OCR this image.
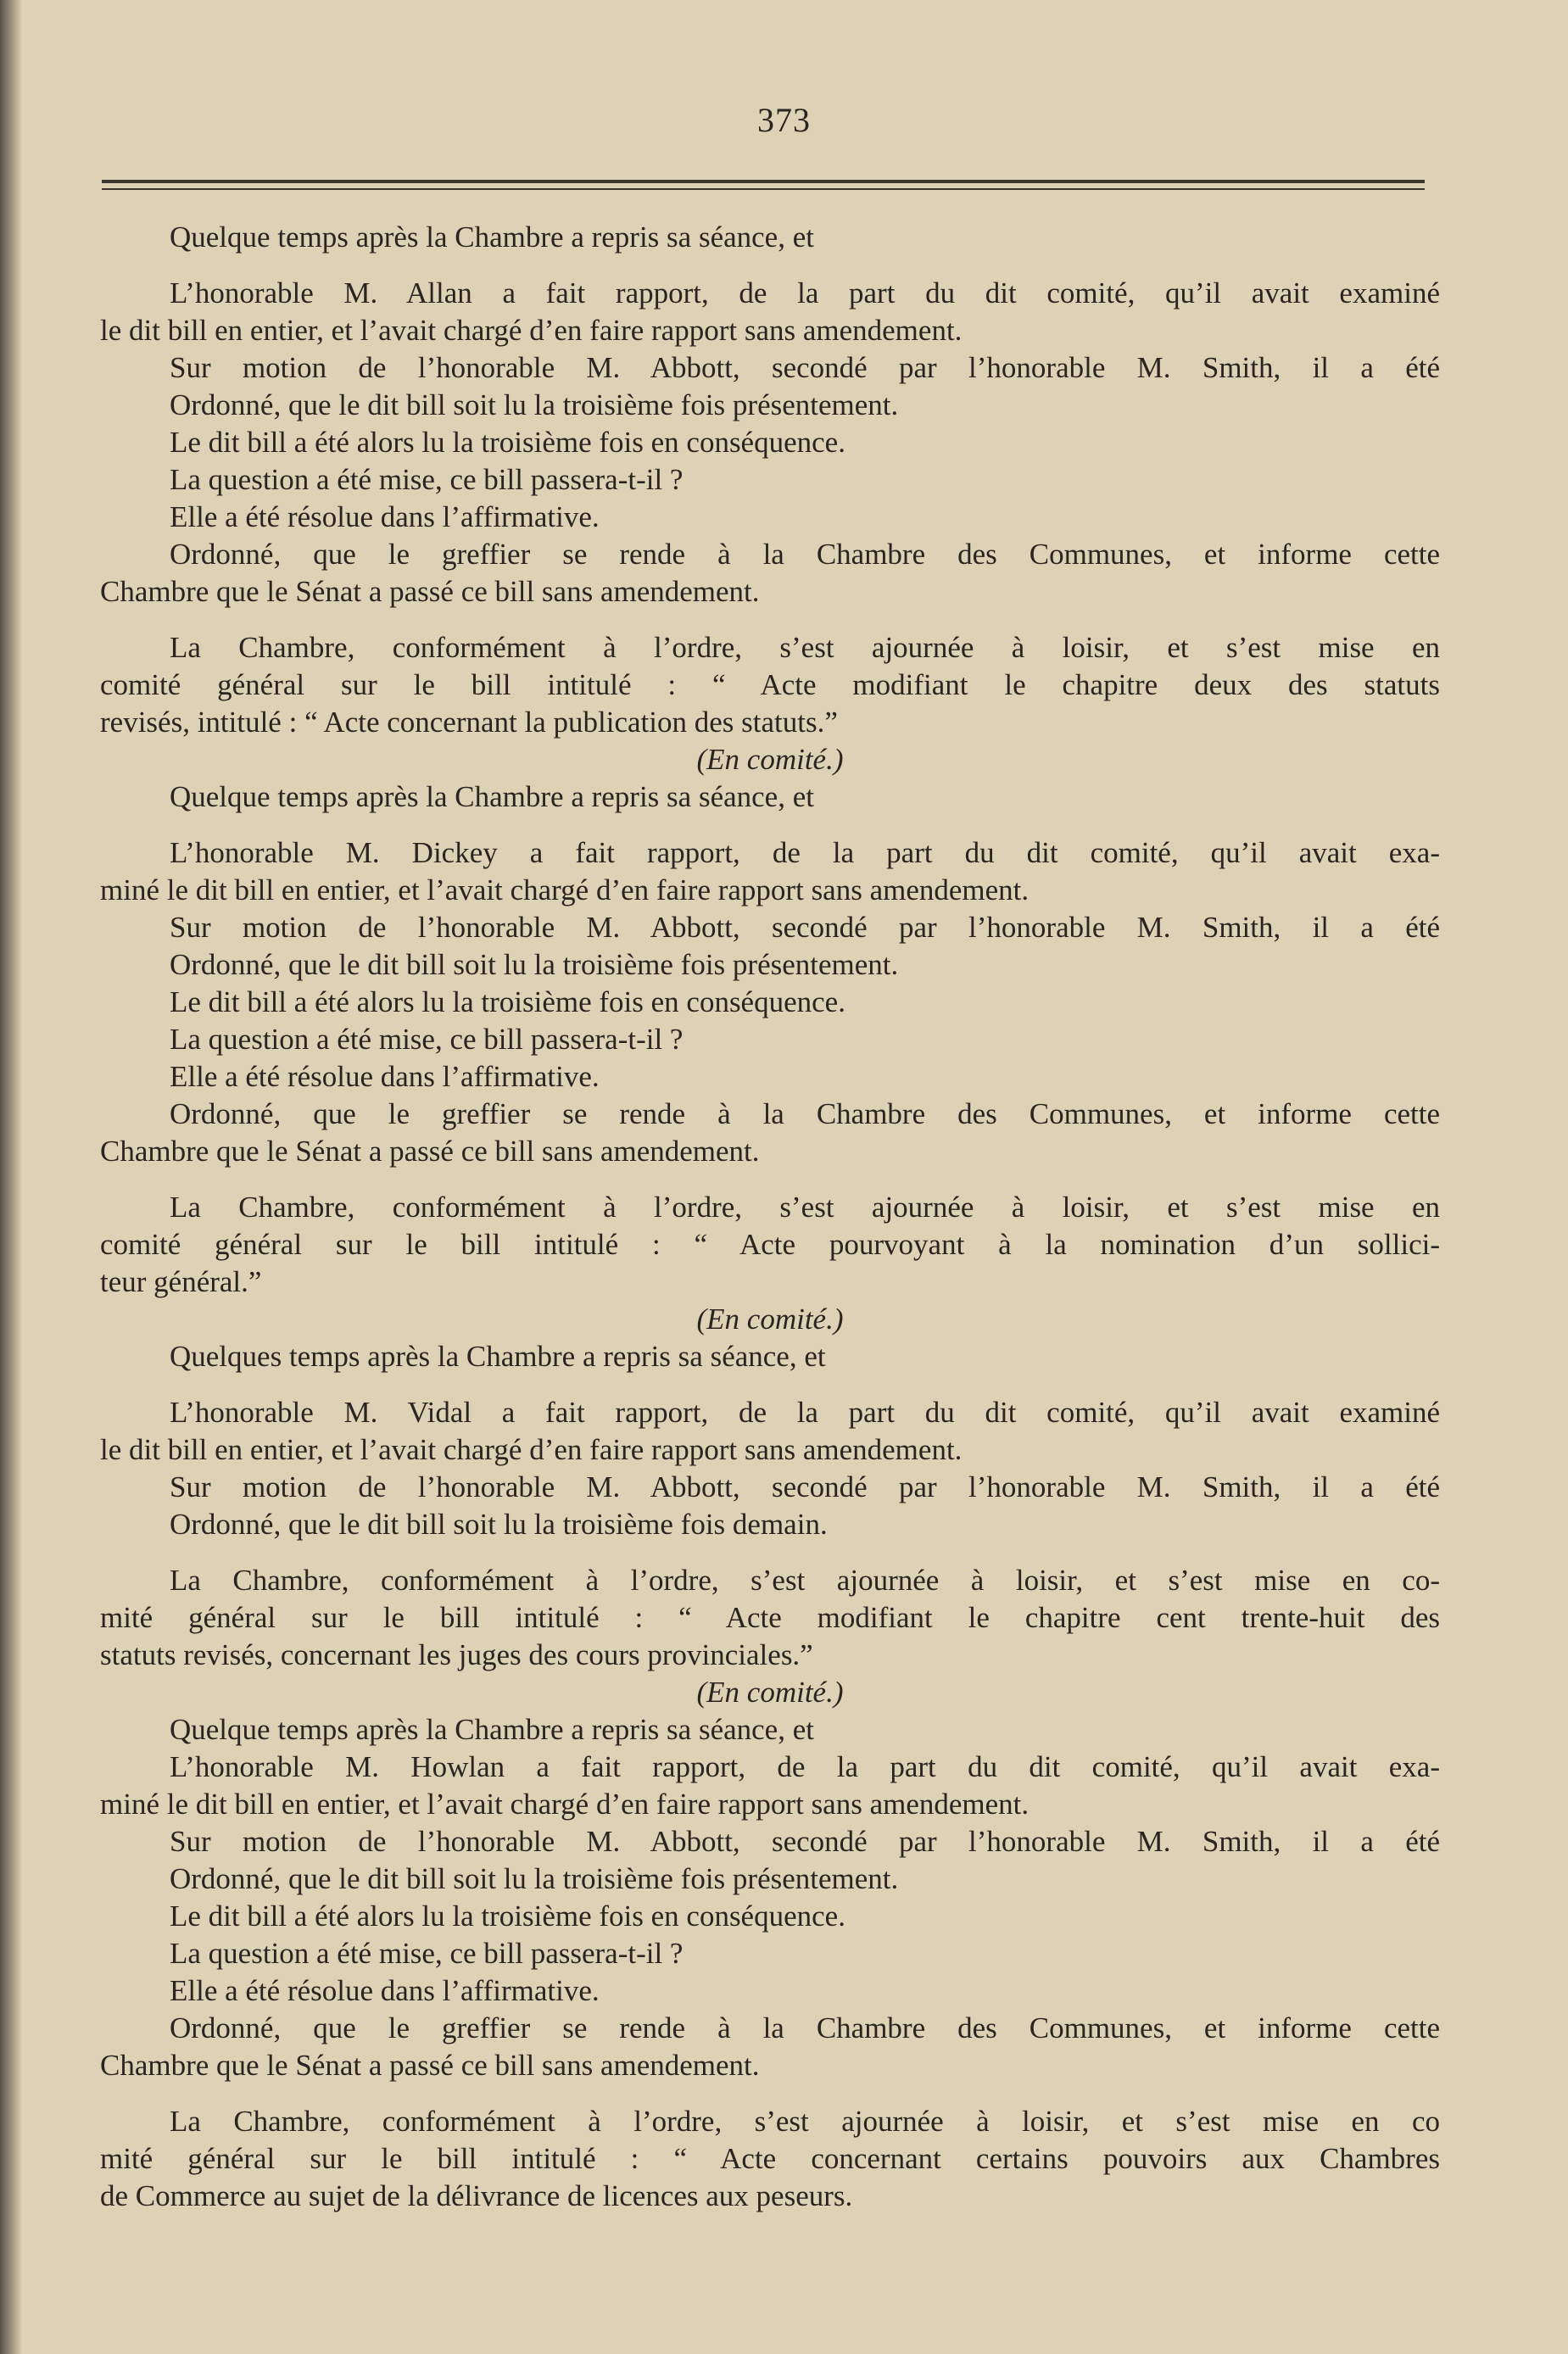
373
Quelque temps après la Chambre a repris sa séance, et
L’honorable M. Allan a fait rapport, de la part du dit comité, qu’il avait examiné
le dit bill en entier, et l’avait chargé d’en faire rapport sans amendement.
Sur motion de l’honorable M. Abbott, secondé par l’honorable M. Smith, il a été
Ordonné, que le dit bill soit lu la troisième fois présentement.
Le dit bill a été alors lu la troisième fois en conséquence.
La question a été mise, ce bill passera-t-il ?
Elle a été résolue dans l’affirmative.
Ordonné, que le greffier se rende à la Chambre des Communes, et informe cette
Chambre que le Sénat a passé ce bill sans amendement.
La Chambre, conformément à l’ordre, s’est ajournée à loisir, et s’est mise en
comité général sur le bill intitulé : “ Acte modifiant le chapitre deux des statuts
revisés, intitulé : “ Acte concernant la publication des statuts.”
(En comité.)
Quelque temps après la Chambre a repris sa séance, et
L’honorable M. Dickey a fait rapport, de la part du dit comité, qu’il avait exa-
miné le dit bill en entier, et l’avait chargé d’en faire rapport sans amendement.
Sur motion de l’honorable M. Abbott, secondé par l’honorable M. Smith, il a été
Ordonné, que le dit bill soit lu la troisième fois présentement.
Le dit bill a été alors lu la troisième fois en conséquence.
La question a été mise, ce bill passera-t-il ?
Elle a été résolue dans l’affirmative.
Ordonné, que le greffier se rende à la Chambre des Communes, et informe cette
Chambre que le Sénat a passé ce bill sans amendement.
La Chambre, conformément à l’ordre, s’est ajournée à loisir, et s’est mise en
comité général sur le bill intitulé : “ Acte pourvoyant à la nomination d’un sollici-
teur général.”
(En comité.)
Quelques temps après la Chambre a repris sa séance, et
L’honorable M. Vidal a fait rapport, de la part du dit comité, qu’il avait examiné
le dit bill en entier, et l’avait chargé d’en faire rapport sans amendement.
Sur motion de l’honorable M. Abbott, secondé par l’honorable M. Smith, il a été
Ordonné, que le dit bill soit lu la troisième fois demain.
La Chambre, conformément à l’ordre, s’est ajournée à loisir, et s’est mise en co-
mité général sur le bill intitulé : “ Acte modifiant le chapitre cent trente-huit des
statuts revisés, concernant les juges des cours provinciales.”
(En comité.)
Quelque temps après la Chambre a repris sa séance, et
L’honorable M. Howlan a fait rapport, de la part du dit comité, qu’il avait exa-
miné le dit bill en entier, et l’avait chargé d’en faire rapport sans amendement.
Sur motion de l’honorable M. Abbott, secondé par l’honorable M. Smith, il a été
Ordonné, que le dit bill soit lu la troisième fois présentement.
Le dit bill a été alors lu la troisième fois en conséquence.
La question a été mise, ce bill passera-t-il ?
Elle a été résolue dans l’affirmative.
Ordonné, que le greffier se rende à la Chambre des Communes, et informe cette
Chambre que le Sénat a passé ce bill sans amendement.
La Chambre, conformément à l’ordre, s’est ajournée à loisir, et s’est mise en co
mité général sur le bill intitulé : “ Acte concernant certains pouvoirs aux Chambres
de Commerce au sujet de la délivrance de licences aux peseurs.
